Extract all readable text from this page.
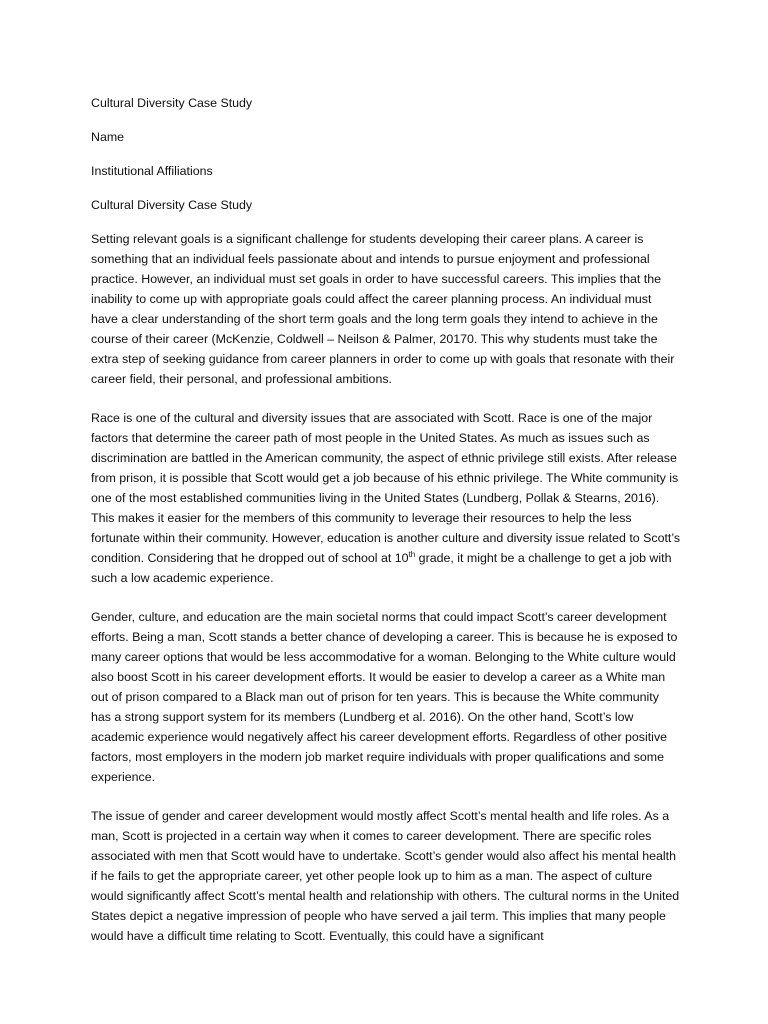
Cultural Diversity Case Study
Name
Institutional Affiliations
Cultural Diversity Case Study

Setting relevant goals is a significant challenge for students developing their career plans. A career is something that an individual feels passionate about and intends to pursue enjoyment and professional practice. However, an individual must set goals in order to have successful careers. This implies that the inability to come up with appropriate goals could affect the career planning process. An individual must have a clear understanding of the short term goals and the long term goals they intend to achieve in the course of their career (McKenzie, Coldwell – Neilson & Palmer, 20170. This why students must take the extra step of seeking guidance from career planners in order to come up with goals that resonate with their career field, their personal, and professional ambitions.

Race is one of the cultural and diversity issues that are associated with Scott. Race is one of the major factors that determine the career path of most people in the United States. As much as issues such as discrimination are battled in the American community, the aspect of ethnic privilege still exists. After release from prison, it is possible that Scott would get a job because of his ethnic privilege. The White community is one of the most established communities living in the United States (Lundberg, Pollak & Stearns, 2016). This makes it easier for the members of this community to leverage their resources to help the less fortunate within their community. However, education is another culture and diversity issue related to Scott’s condition. Considering that he dropped out of school at 10th grade, it might be a challenge to get a job with such a low academic experience.

Gender, culture, and education are the main societal norms that could impact Scott’s career development efforts. Being a man, Scott stands a better chance of developing a career. This is because he is exposed to many career options that would be less accommodative for a woman. Belonging to the White culture would also boost Scott in his career development efforts. It would be easier to develop a career as a White man out of prison compared to a Black man out of prison for ten years. This is because the White community has a strong support system for its members (Lundberg et al. 2016). On the other hand, Scott’s low academic experience would negatively affect his career development efforts. Regardless of other positive factors, most employers in the modern job market require individuals with proper qualifications and some experience.

The issue of gender and career development would mostly affect Scott’s mental health and life roles. As a man, Scott is projected in a certain way when it comes to career development. There are specific roles associated with men that Scott would have to undertake. Scott’s gender would also affect his mental health if he fails to get the appropriate career, yet other people look up to him as a man. The aspect of culture would significantly affect Scott’s mental health and relationship with others. The cultural norms in the United States depict a negative impression of people who have served a jail term. This implies that many people would have a difficult time relating to Scott. Eventually, this could have a significant
